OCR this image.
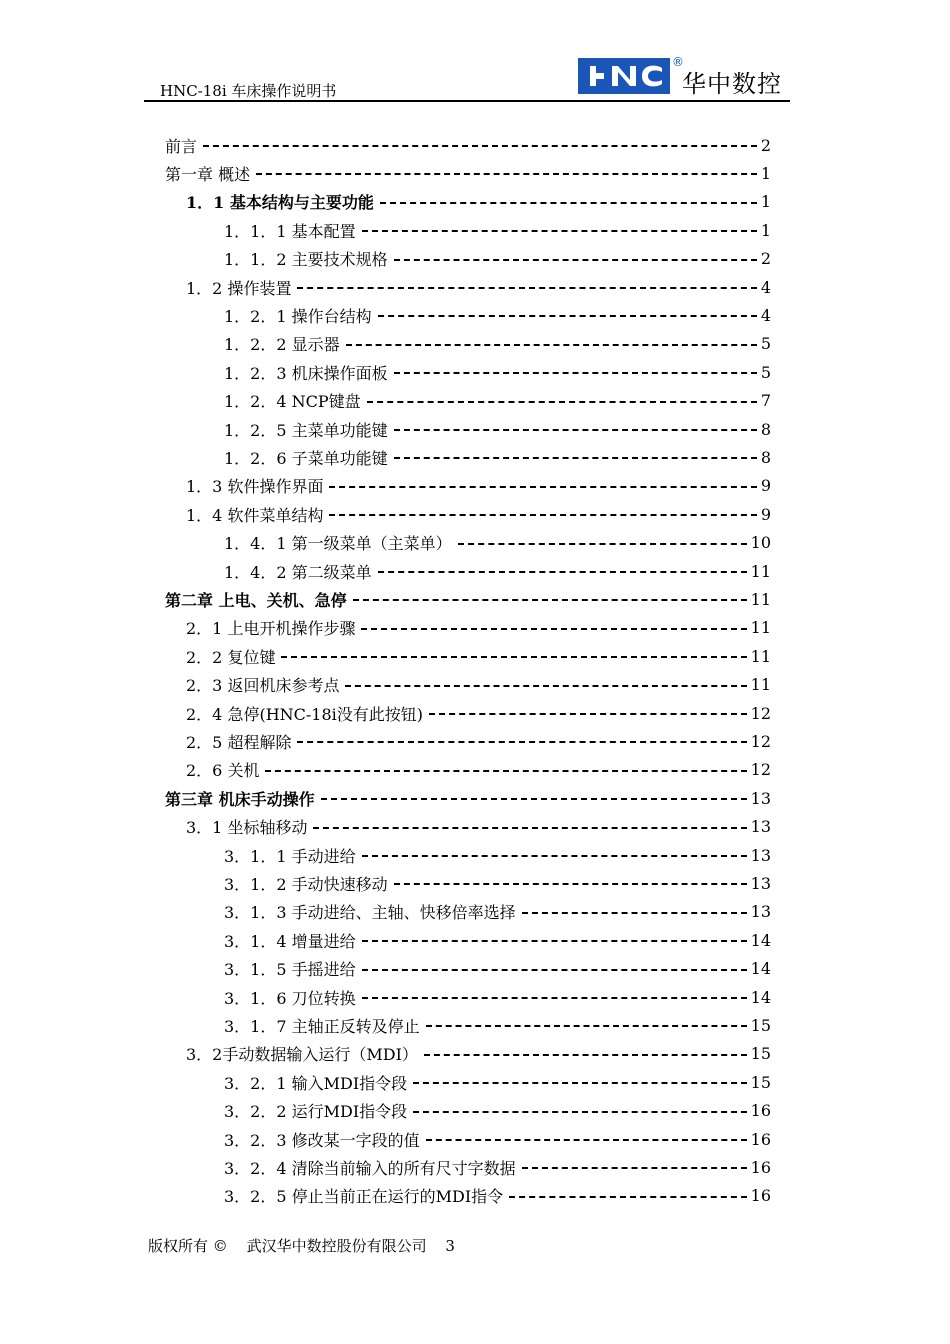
HNC-18i 车床操作说明书
®
华中数控
前言	2
第一章 概述	1
1．1 基本结构与主要功能	1
1．1．1 基本配置	1
1．1．2 主要技术规格	2
1．2 操作装置	4
1．2．1 操作台结构	4
1．2．2 显示器	5
1．2．3 机床操作面板	5
1．2．4 NCP键盘	7
1．2．5 主菜单功能键	8
1．2．6 子菜单功能键	8
1．3 软件操作界面	9
1．4 软件菜单结构	9
1．4．1 第一级菜单（主菜单）	10
1．4．2 第二级菜单	11
第二章 上电、关机、急停	11
2．1 上电开机操作步骤	11
2．2 复位键	11
2．3 返回机床参考点	11
2．4 急停(HNC-18i没有此按钮)	12
2．5 超程解除	12
2．6 关机	12
第三章 机床手动操作	13
3．1 坐标轴移动	13
3．1．1 手动进给	13
3．1．2 手动快速移动	13
3．1．3 手动进给、主轴、快移倍率选择	13
3．1．4 增量进给	14
3．1．5 手摇进给	14
3．1．6 刀位转换	14
3．1．7 主轴正反转及停止	15
3．2手动数据输入运行（MDI）	15
3．2．1 输入MDI指令段	15
3．2．2 运行MDI指令段	16
3．2．3 修改某一字段的值	16
3．2．4 清除当前输入的所有尺寸字数据	16
3．2．5 停止当前正在运行的MDI指令	16
版权所有 © 武汉华中数控股份有限公司 3
